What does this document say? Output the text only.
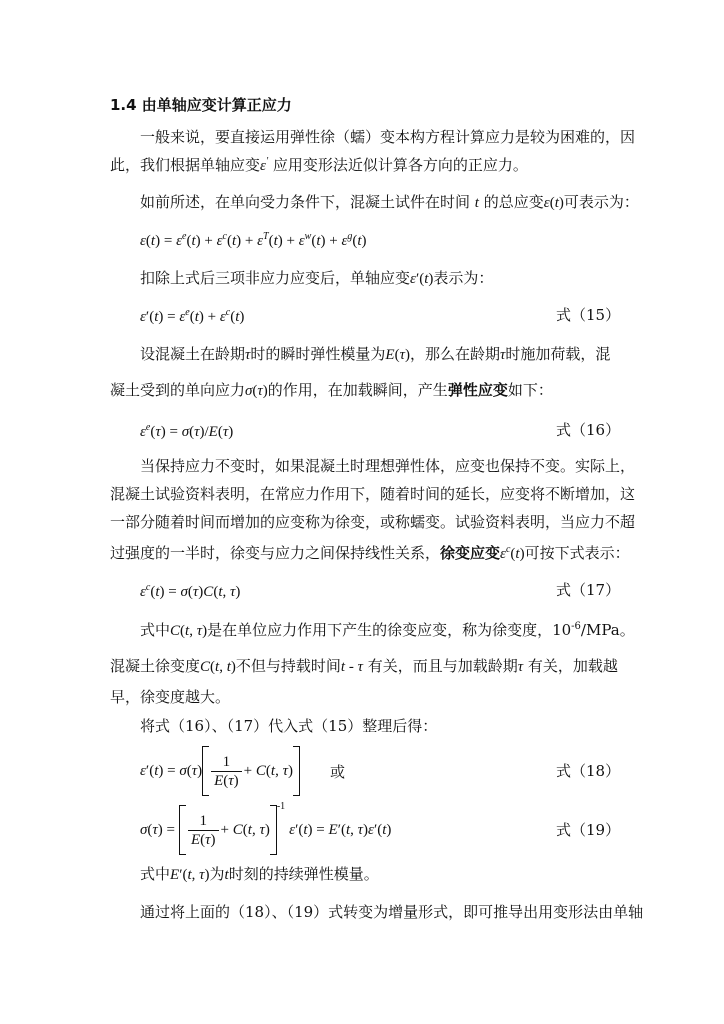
1.4 由单轴应变计算正应力
一般来说，要直接运用弹性徐（蠕）变本构方程计算应力是较为困难的，因
此，我们根据单轴应变ε' 应用变形法近似计算各方向的正应力。
如前所述，在单向受力条件下，混凝土试件在时间 t 的总应变ε(t)可表示为：
$\varepsilon(t) = \varepsilon^e(t) + \varepsilon^c(t) + \varepsilon^T(t) + \varepsilon^w(t) + \varepsilon^g(t)$
扣除上式后三项非应力应变后，单轴应变ε′(t)表示为：
$\varepsilon'(t) = \varepsilon^e(t) + \varepsilon^c(t)$	式（15）
设混凝土在龄期τ时的瞬时弹性模量为E(τ)，那么在龄期τ时施加荷载，混
凝土受到的单向应力σ(τ)的作用，在加载瞬间，产生弹性应变如下：
$\varepsilon^e(\tau) = \sigma(\tau)/E(\tau)$	式（16）
当保持应力不变时，如果混凝土时理想弹性体，应变也保持不变。实际上，
混凝土试验资料表明，在常应力作用下，随着时间的延长，应变将不断增加，这
一部分随着时间而增加的应变称为徐变，或称蠕变。试验资料表明，当应力不超
过强度的一半时，徐变与应力之间保持线性关系，徐变应变$\varepsilon^c(t)$可按下式表示：
$\varepsilon^c(t) = \sigma(\tau)C(t$, τ)	式（17）
式中C(t, τ)是在单位应力作用下产生的徐变应变，称为徐变度，$10^{-6}$/MPa。
混凝土徐变度C(t, t)不但与持载时间t - τ 有关，而且与加载龄期τ 有关，加载越
早，徐变度越大。
将式（16）、（17）代入式（15）整理后得：
$\varepsilon'(t) = \sigma(\tau) \frac{1}{E(\tau)} + C(t$, τ) 或	式（18）
$\sigma(\tau) = \frac{1}{E(\tau)} + C(t$, τ)
-1
ε′(t) = E′(t, τ)ε′(t)	式（19）
式中E′(t, τ)为t时刻的持续弹性模量。
通过将上面的（18）、（19）式转变为增量形式，即可推导出用变形法由单轴
